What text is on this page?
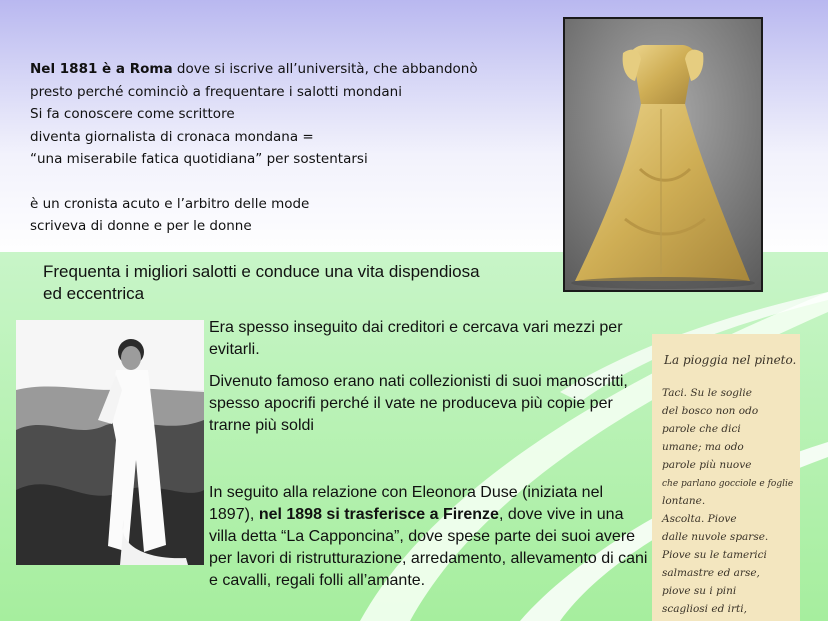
Nel 1881 è a Roma dove si iscrive all’università, che abbandonò

presto perché cominciò a frequentare i salotti mondani

Si fa conoscere come scrittore

diventa giornalista di cronaca mondana =

“una miserabile fatica quotidiana” per sostentarsi

è un cronista acuto e l’arbitro delle mode

scriveva di donne e per le donne

La pioggia nel pineto.
Taci. Su le soglie
del bosco non odo
parole che dici
umane; ma odo
parole più nuove
che parlano gocciole e foglie
lontane.
Ascolta. Piove
dalle nuvole sparse.
Piove su le tamerici
salmastre ed arse,
piove su i pini
scagliosi ed irti,
Frequenta i migliori salotti e conduce una vita dispendiosa
ed eccentrica

Era spesso inseguito dai creditori e cercava vari mezzi per evitarli.

Divenuto famoso erano nati collezionisti di suoi manoscritti, spesso apocrifi perché il vate ne produceva più copie per trarne più soldi

In seguito alla relazione con Eleonora Duse (iniziata nel 1897), nel 1898 si trasferisce a Firenze, dove vive in una villa detta “La Capponcina”, dove spese parte dei suoi avere per lavori di ristrutturazione, arredamento, allevamento di cani e cavalli, regali folli all’amante.
